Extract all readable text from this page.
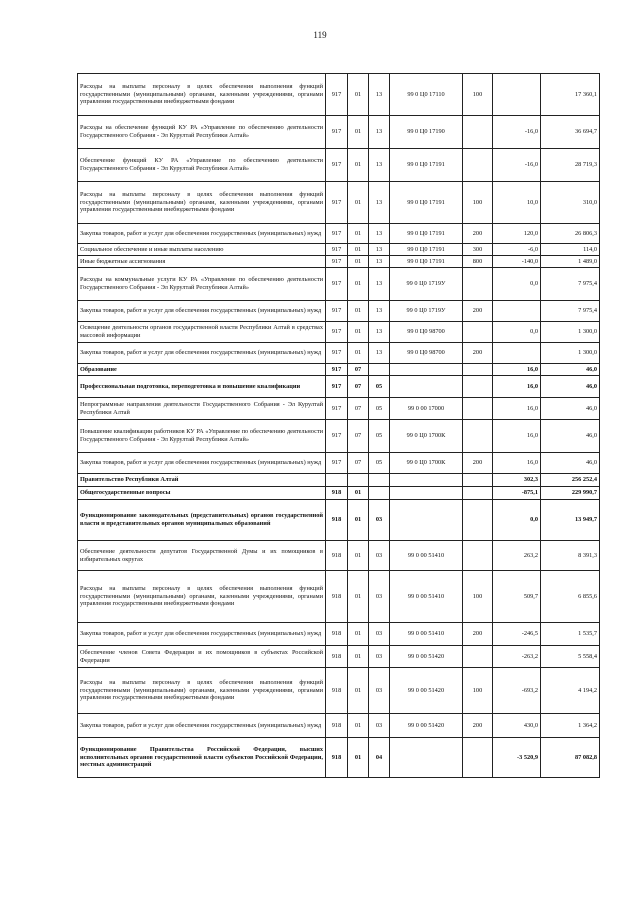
119
Расходы на выплаты персоналу в целях обеспечения выполнения функций государственными (муниципальными) органами, казенными учреждениями, органами управления государственными внебюджетными фондами	917	01	13	99 0 Ц0 17110	100		17 360,1
Расходы на обеспечение функций КУ РА «Управление по обеспечению деятельности Государственного Собрания - Эл Курултай Республики Алтай»	917	01	13	99 0 Ц0 17190		-16,0	36 694,7
Обеспечение функций КУ РА «Управление по обеспечению деятельности Государственного Собрания - Эл Курултай Республики Алтай»	917	01	13	99 0 Ц0 17191		-16,0	28 719,3
Расходы на выплаты персоналу в целях обеспечения выполнения функций государственными (муниципальными) органами, казенными учреждениями, органами управления государственными внебюджетными фондами	917	01	13	99 0 Ц0 17191	100	10,0	310,0
Закупка товаров, работ и услуг для обеспечения государственных (муниципальных) нужд	917	01	13	99 0 Ц0 17191	200	120,0	26 806,3
Социальное обеспечение и иные выплаты населению	917	01	13	99 0 Ц0 17191	300	-6,0	114,0
Иные бюджетные ассигнования	917	01	13	99 0 Ц0 17191	800	-140,0	1 489,0
Расходы на коммунальные услуги КУ РА «Управление по обеспечению деятельности Государственного Собрания - Эл Курултай Республики Алтай»	917	01	13	99 0 Ц0 1719У		0,0	7 975,4
Закупка товаров, работ и услуг для обеспечения государственных (муниципальных) нужд	917	01	13	99 0 Ц0 1719У	200		7 975,4
Освещение деятельности органов государственной власти Республики Алтай в средствах массовой информации	917	01	13	99 0 Ц0 98700		0,0	1 300,0
Закупка товаров, работ и услуг для обеспечения государственных (муниципальных) нужд	917	01	13	99 0 Ц0 98700	200		1 300,0
Образование	917	07				16,0	46,0
Профессиональная подготовка, переподготовка и повышение квалификации	917	07	05			16,0	46,0
Непрограммные направления деятельности Государственного Собрания - Эл Курултай Республики Алтай	917	07	05	99 0 00 17000		16,0	46,0
Повышение квалификации работников КУ РА «Управление по обеспечению деятельности Государственного Собрания - Эл Курултай Республики Алтай»	917	07	05	99 0 Ц0 1700К		16,0	46,0
Закупка товаров, работ и услуг для обеспечения государственных (муниципальных) нужд	917	07	05	99 0 Ц0 1700К	200	16,0	46,0
Правительство Республики Алтай						302,3	256 252,4
Общегосударственные вопросы	918	01				-875,1	229 990,7
Функционирование законодательных (представительных) органов государственной власти и представительных органов муниципальных образований	918	01	03			0,0	13 949,7
Обеспечение деятельности депутатов Государственной Думы и их помощников в избирательных округах	918	01	03	99 0 00 51410		263,2	8 391,3
Расходы на выплаты персоналу в целях обеспечения выполнения функций государственными (муниципальными) органами, казенными учреждениями, органами управления государственными внебюджетными фондами	918	01	03	99 0 00 51410	100	509,7	6 855,6
Закупка товаров, работ и услуг для обеспечения государственных (муниципальных) нужд	918	01	03	99 0 00 51410	200	-246,5	1 535,7
Обеспечение членов Совета Федерации и их помощников в субъектах Российской Федерации	918	01	03	99 0 00 51420		-263,2	5 558,4
Расходы на выплаты персоналу в целях обеспечения выполнения функций государственными (муниципальными) органами, казенными учреждениями, органами управления государственными внебюджетными фондами	918	01	03	99 0 00 51420	100	-693,2	4 194,2
Закупка товаров, работ и услуг для обеспечения государственных (муниципальных) нужд	918	01	03	99 0 00 51420	200	430,0	1 364,2
Функционирование Правительства Российской Федерации, высших исполнительных органов государственной власти субъектов Российской Федерации, местных администраций	918	01	04			-3 520,9	87 082,8
